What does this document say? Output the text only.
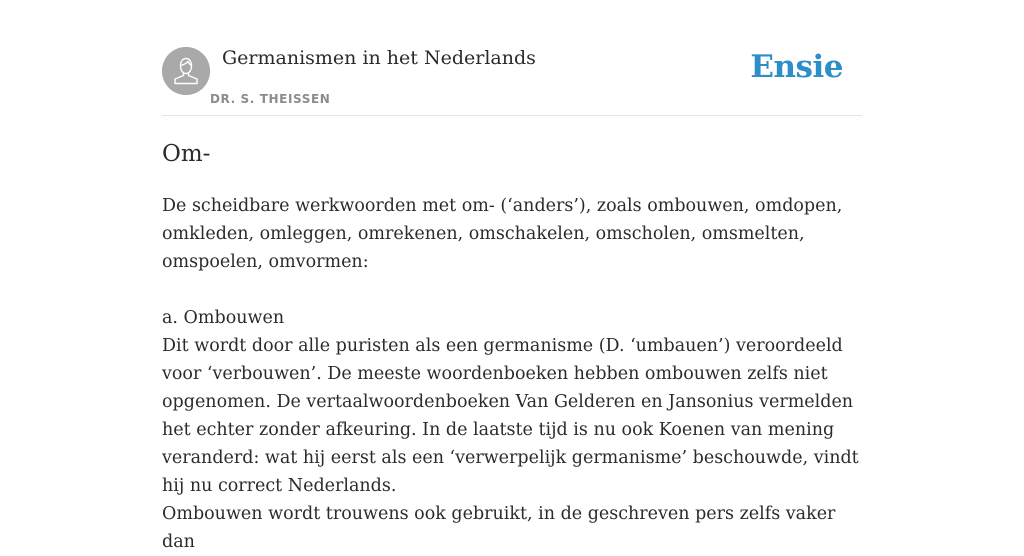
Germanismen in het Nederlands
DR. S. THEISSEN
Ensie
Om-

De scheidbare werkwoorden met om- (‘anders’), zoals ombouwen, omdopen, omkleden, omleggen, omrekenen, omschakelen, omscholen, omsmelten, omspoelen, omvormen:

a. Ombouwen

Dit wordt door alle puristen als een germanisme (D. ‘umbauen’) veroordeeld voor ‘verbouwen’. De meeste woordenboeken hebben ombouwen zelfs niet opgenomen. De vertaalwoordenboeken Van Gelderen en Jansonius vermelden het echter zonder afkeuring. In de laatste tijd is nu ook Koenen van mening veranderd: wat hij eerst als een ‘verwerpelijk germanisme’ beschouwde, vindt hij nu correct Nederlands.

Ombouwen wordt trouwens ook gebruikt, in de geschreven pers zelfs vaker dan
